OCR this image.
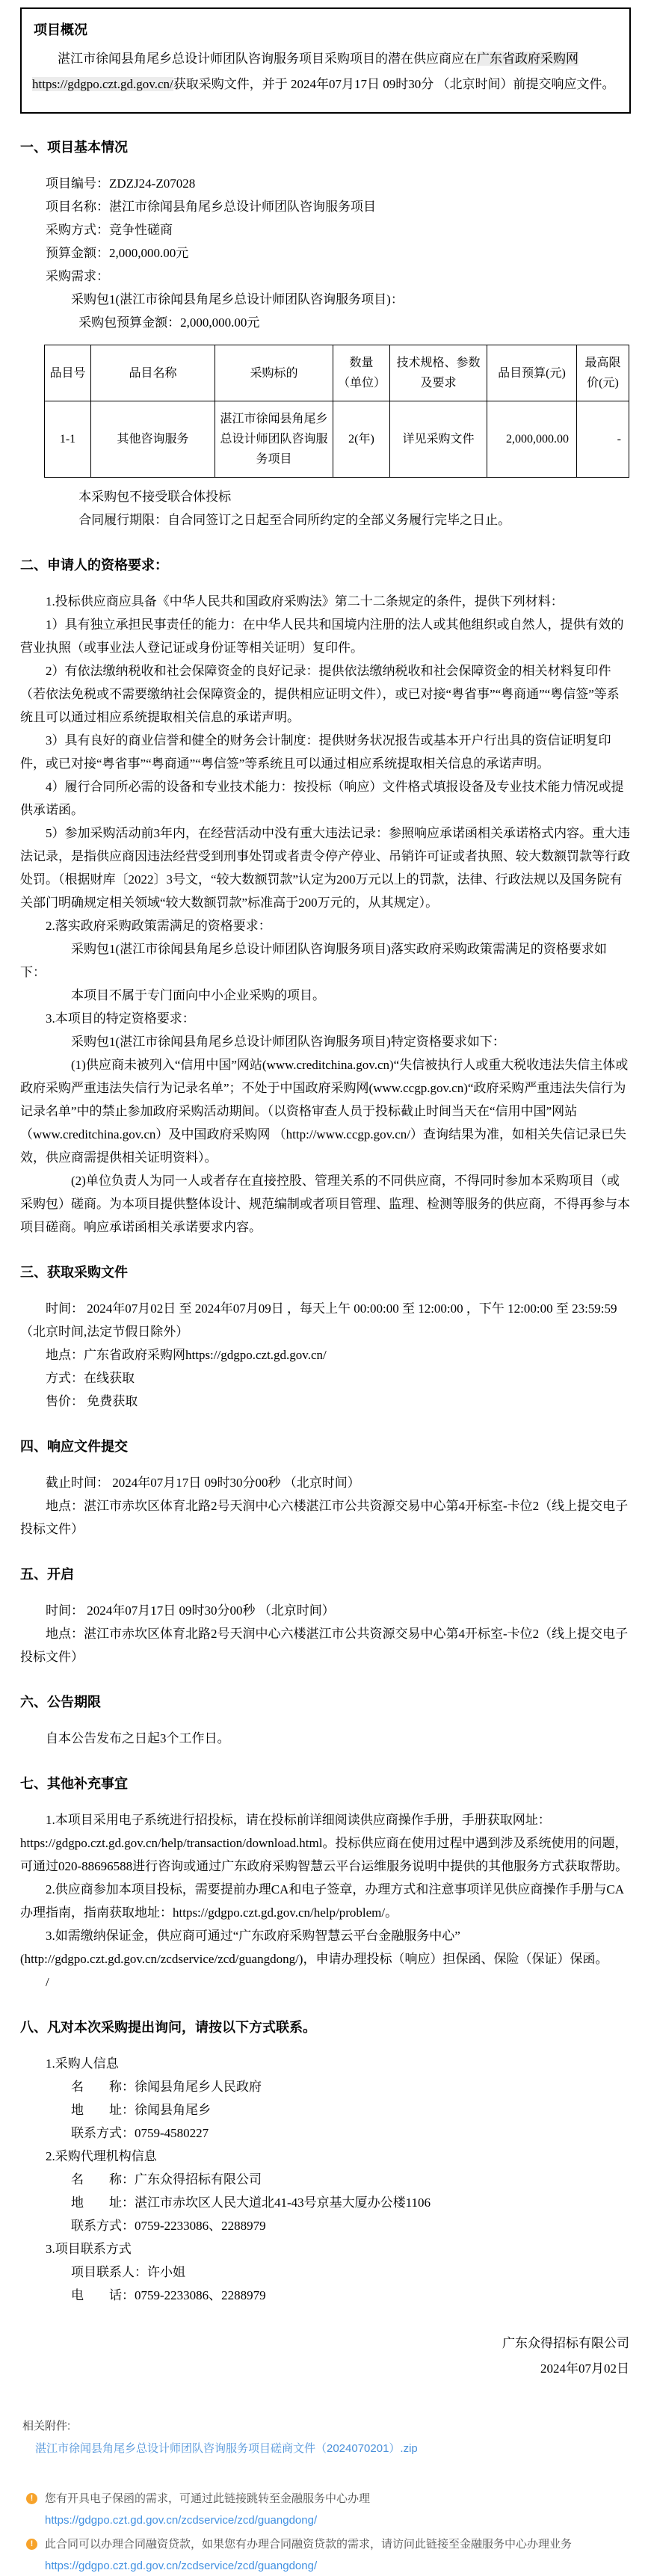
项目概况

湛江市徐闻县角尾乡总设计师团队咨询服务项目采购项目的潜在供应商应在广东省政府采购网https://gdgpo.czt.gd.gov.cn/获取采购文件，并于 2024年07月17日 09时30分 （北京时间）前提交响应文件。

一、项目基本情况

项目编号：ZDZJ24-Z07028

项目名称：湛江市徐闻县角尾乡总设计师团队咨询服务项目

采购方式：竞争性磋商

预算金额：2,000,000.00元

采购需求：

采购包1(湛江市徐闻县角尾乡总设计师团队咨询服务项目)：

采购包预算金额：2,000,000.00元

品目号	品目名称	采购标的	数量（单位）	技术规格、参数及要求	品目预算(元)	最高限价(元)
1-1	其他咨询服务	湛江市徐闻县角尾乡总设计师团队咨询服务项目	2(年)	详见采购文件	2,000,000.00	-

本采购包不接受联合体投标

合同履行期限：自合同签订之日起至合同所约定的全部义务履行完毕之日止。

二、申请人的资格要求：

1.投标供应商应具备《中华人民共和国政府采购法》第二十二条规定的条件，提供下列材料：

1）具有独立承担民事责任的能力：在中华人民共和国境内注册的法人或其他组织或自然人，提供有效的营业执照（或事业法人登记证或身份证等相关证明）复印件。

2）有依法缴纳税收和社会保障资金的良好记录：提供依法缴纳税收和社会保障资金的相关材料复印件（若依法免税或不需要缴纳社会保障资金的，提供相应证明文件），或已对接“粤省事”“粤商通”“粤信签”等系统且可以通过相应系统提取相关信息的承诺声明。

3）具有良好的商业信誉和健全的财务会计制度：提供财务状况报告或基本开户行出具的资信证明复印件，或已对接“粤省事”“粤商通”“粤信签”等系统且可以通过相应系统提取相关信息的承诺声明。

4）履行合同所必需的设备和专业技术能力：按投标（响应）文件格式填报设备及专业技术能力情况或提供承诺函。

5）参加采购活动前3年内，在经营活动中没有重大违法记录：参照响应承诺函相关承诺格式内容。重大违法记录，是指供应商因违法经营受到刑事处罚或者责令停产停业、吊销许可证或者执照、较大数额罚款等行政处罚。（根据财库〔2022〕3号文，“较大数额罚款”认定为200万元以上的罚款，法律、行政法规以及国务院有关部门明确规定相关领域“较大数额罚款”标准高于200万元的，从其规定）。

2.落实政府采购政策需满足的资格要求：

采购包1(湛江市徐闻县角尾乡总设计师团队咨询服务项目)落实政府采购政策需满足的资格要求如下：

本项目不属于专门面向中小企业采购的项目。

3.本项目的特定资格要求：

采购包1(湛江市徐闻县角尾乡总设计师团队咨询服务项目)特定资格要求如下：

(1)供应商未被列入“信用中国”网站(www.creditchina.gov.cn)“失信被执行人或重大税收违法失信主体或政府采购严重违法失信行为记录名单”；不处于中国政府采购网(www.ccgp.gov.cn)“政府采购严重违法失信行为记录名单”中的禁止参加政府采购活动期间。（以资格审查人员于投标截止时间当天在“信用中国”网站（www.creditchina.gov.cn）及中国政府采购网 （http://www.ccgp.gov.cn/）查询结果为准，如相关失信记录已失效，供应商需提供相关证明资料）。

(2)单位负责人为同一人或者存在直接控股、管理关系的不同供应商，不得同时参加本采购项目（或采购包）磋商。为本项目提供整体设计、规范编制或者项目管理、监理、检测等服务的供应商，不得再参与本项目磋商。响应承诺函相关承诺要求内容。

三、获取采购文件

时间： 2024年07月02日 至 2024年07月09日 ，每天上午 00:00:00 至 12:00:00 ，下午 12:00:00 至 23:59:59（北京时间,法定节假日除外）

地点：广东省政府采购网https://gdgpo.czt.gd.gov.cn/

方式：在线获取

售价： 免费获取

四、响应文件提交

截止时间： 2024年07月17日 09时30分00秒 （北京时间）

地点：湛江市赤坎区体育北路2号天润中心六楼湛江市公共资源交易中心第4开标室-卡位2（线上提交电子投标文件）

五、开启

时间： 2024年07月17日 09时30分00秒 （北京时间）

地点：湛江市赤坎区体育北路2号天润中心六楼湛江市公共资源交易中心第4开标室-卡位2（线上提交电子投标文件）

六、公告期限

自本公告发布之日起3个工作日。

七、其他补充事宜

1.本项目采用电子系统进行招投标，请在投标前详细阅读供应商操作手册，手册获取网址：https://gdgpo.czt.gd.gov.cn/help/transaction/download.html。投标供应商在使用过程中遇到涉及系统使用的问题，可通过020-88696588进行咨询或通过广东政府采购智慧云平台运维服务说明中提供的其他服务方式获取帮助。

2.供应商参加本项目投标，需要提前办理CA和电子签章，办理方式和注意事项详见供应商操作手册与CA办理指南，指南获取地址：https://gdgpo.czt.gd.gov.cn/help/problem/。

3.如需缴纳保证金，供应商可通过“广东政府采购智慧云平台金融服务中心”(http://gdgpo.czt.gd.gov.cn/zcdservice/zcd/guangdong/)，申请办理投标（响应）担保函、保险（保证）保函。

/

八、凡对本次采购提出询问，请按以下方式联系。

1.采购人信息

名　　称：徐闻县角尾乡人民政府

地　　址：徐闻县角尾乡

联系方式：0759-4580227

2.采购代理机构信息

名　　称：广东众得招标有限公司

地　　址：湛江市赤坎区人民大道北41-43号京基大厦办公楼1106

联系方式：0759-2233086、2288979

3.项目联系方式

项目联系人：许小姐

电　　话：0759-2233086、2288979

广东众得招标有限公司
2024年07月02日
相关附件:
湛江市徐闻县角尾乡总设计师团队咨询服务项目磋商文件（2024070201）.zip
!	您有开具电子保函的需求，可通过此链接跳转至金融服务中心办理
https://gdgpo.czt.gd.gov.cn/zcdservice/zcd/guangdong/
!	此合同可以办理合同融资贷款，如果您有办理合同融资贷款的需求，请访问此链接至金融服务中心办理业务
https://gdgpo.czt.gd.gov.cn/zcdservice/zcd/guangdong/
